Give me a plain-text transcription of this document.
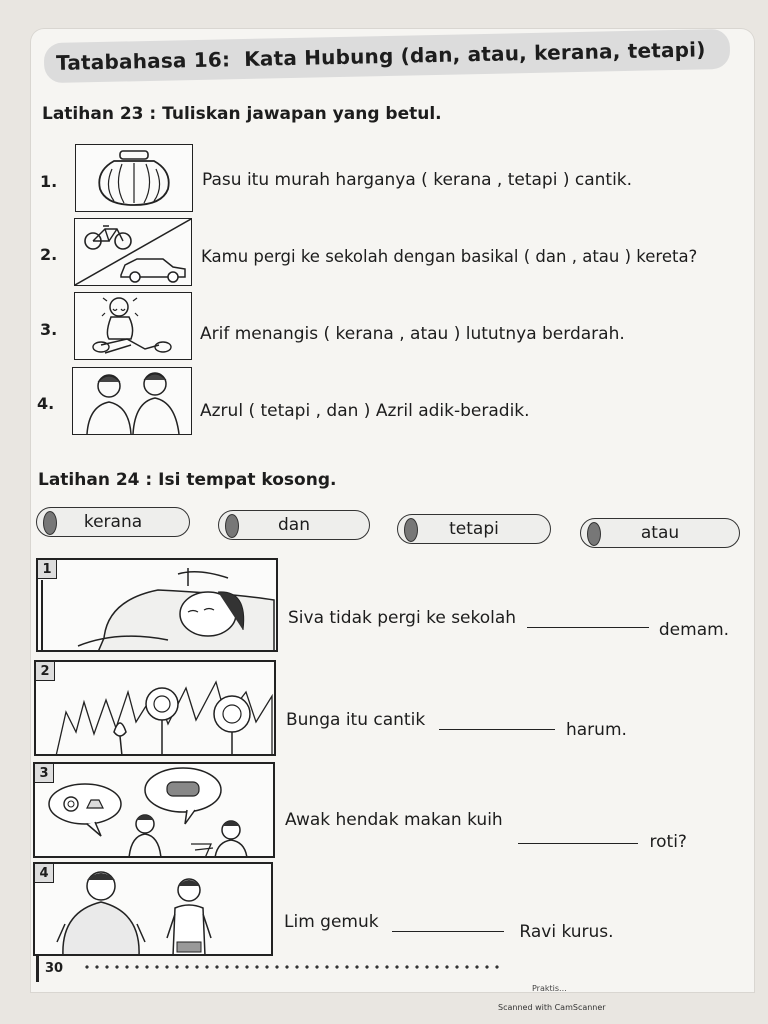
Tatabahasa 16: Kata Hubung (dan, atau, kerana, tetapi)
Latihan 23 : Tuliskan jawapan yang betul.
1.	Pasu itu murah harganya ( kerana , tetapi ) cantik.
2.	Kamu pergi ke sekolah dengan basikal ( dan , atau ) kereta?
3.	Arif menangis ( kerana , atau ) lututnya berdarah.
4.	Azrul ( tetapi , dan ) Azril adik-beradik.
Latihan 24 : Isi tempat kosong.
kerana	dan	tetapi	atau
1
Siva tidak pergi ke sekolah  demam.
2
Bunga itu cantik	harum.
3
Awak hendak makan kuih  roti?
4
Lim gemuk	Ravi kurus.
30
Praktis...
Scanned with CamScanner
